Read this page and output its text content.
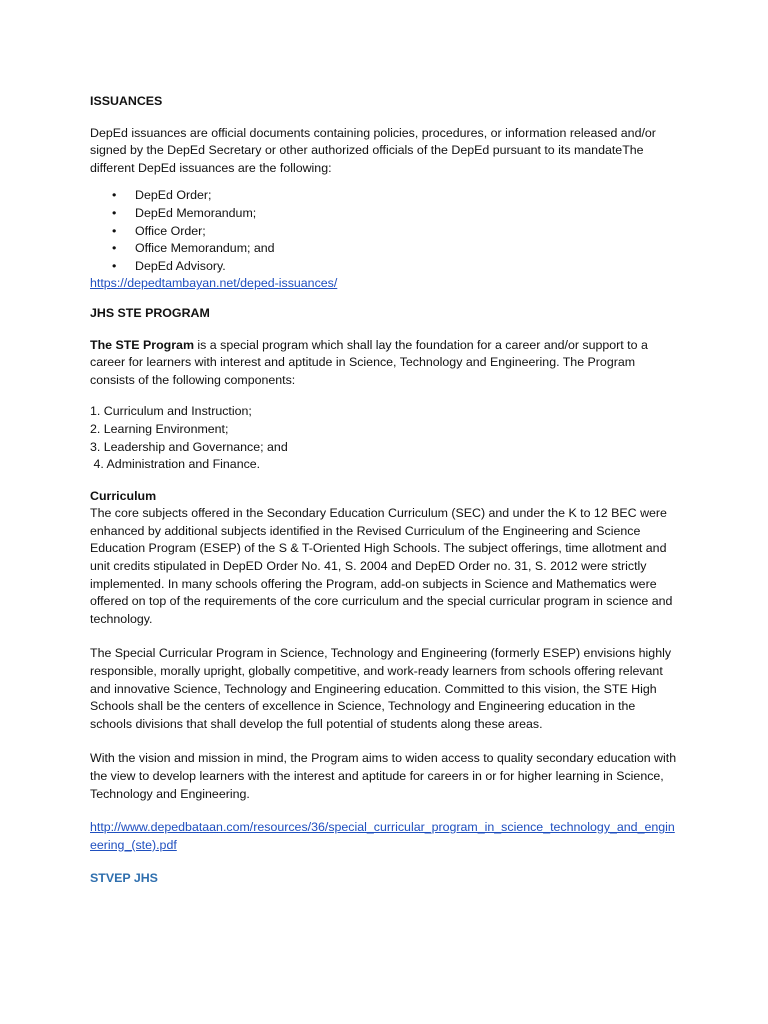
ISSUANCES

DepEd issuances are official documents containing policies, procedures, or information released and/or signed by the DepEd Secretary or other authorized officials of the DepEd pursuant to its mandateThe different DepEd issuances are the following:

• DepEd Order;
• DepEd Memorandum;
• Office Order;
• Office Memorandum; and
• DepEd Advisory.

https://depedtambayan.net/deped-issuances/

JHS STE PROGRAM

The STE Program is a special program which shall lay the foundation for a career and/or support to a career for learners with interest and aptitude in Science, Technology and Engineering. The Program consists of the following components:

1. Curriculum and Instruction;
2. Learning Environment;
3. Leadership and Governance; and
4. Administration and Finance.

Curriculum

The core subjects offered in the Secondary Education Curriculum (SEC) and under the K to 12 BEC were enhanced by additional subjects identified in the Revised Curriculum of the Engineering and Science Education Program (ESEP) of the S & T-Oriented High Schools. The subject offerings, time allotment and unit credits stipulated in DepED Order No. 41, S. 2004 and DepED Order no. 31, S. 2012 were strictly implemented. In many schools offering the Program, add-on subjects in Science and Mathematics were offered on top of the requirements of the core curriculum and the special curricular program in science and technology.

The Special Curricular Program in Science, Technology and Engineering (formerly ESEP) envisions highly responsible, morally upright, globally competitive, and work-ready learners from schools offering relevant and innovative Science, Technology and Engineering education. Committed to this vision, the STE High Schools shall be the centers of excellence in Science, Technology and Engineering education in the schools divisions that shall develop the full potential of students along these areas.

With the vision and mission in mind, the Program aims to widen access to quality secondary education with the view to develop learners with the interest and aptitude for careers in or for higher learning in Science, Technology and Engineering.

http://www.depedbataan.com/resources/36/special_curricular_program_in_science_technology_and_engineering_(ste).pdf

STVEP JHS
